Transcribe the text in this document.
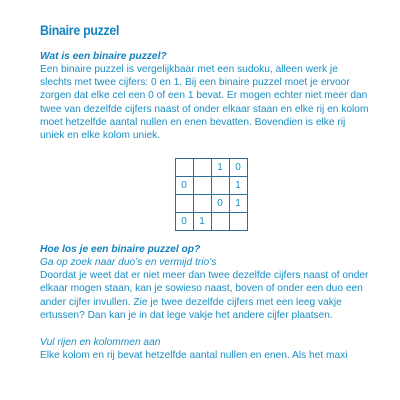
Binaire puzzel

Wat is een binaire puzzel?

Een binaire puzzel is vergelijkbaar met een sudoku, alleen werk je slechts met twee cijfers: 0 en 1. Bij een binaire puzzel moet je ervoor zorgen dat elke cel een 0 of een 1 bevat. Er mogen echter niet meer dan twee van dezelfde cijfers naast of onder elkaar staan en elke rij en kolom moet hetzelfde aantal nullen en enen bevatten. Bovendien is elke rij uniek en elke kolom uniek.

		1	0
0			1
		0	1
0	1		

Hoe los je een binaire puzzel op?

Ga op zoek naar duo’s en vermijd trio’s

Doordat je weet dat er niet meer dan twee dezelfde cijfers naast of onder elkaar mogen staan, kan je sowieso naast, boven of onder een duo een ander cijfer invullen. Zie je twee dezelfde cijfers met een leeg vakje ertussen? Dan kan je in dat lege vakje het andere cijfer plaatsen.

Vul rijen en kolommen aan

Elke kolom en rij bevat hetzelfde aantal nullen en enen. Als het maxi
